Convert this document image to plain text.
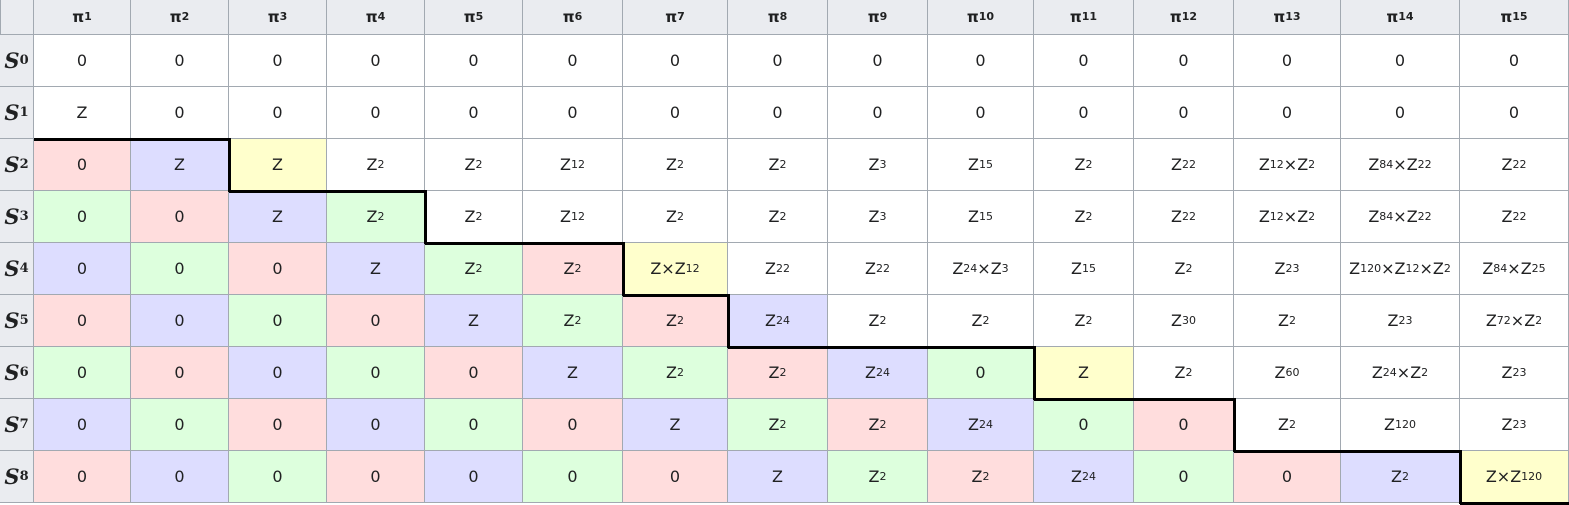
π 1	π 2	π 3	π 4	π 5	π 6	π 7	π 8	π 9	π 10	π 11	π 12	π 13	π 14	π 15
S 0	0	0	0	0	0	0	0	0	0	0	0	0	0	0	0
S 1	Z	0	0	0	0	0	0	0	0	0	0	0	0	0	0
S 2	0	Z	Z	Z 2	Z 2	Z 12	Z 2	Z 2	Z 3	Z 15	Z 2	Z 2 2	Z 12 ×Z 2	Z 84 ×Z 2 2	Z 2 2
S 3	0	0	Z	Z 2	Z 2	Z 12	Z 2	Z 2	Z 3	Z 15	Z 2	Z 2 2	Z 12 ×Z 2	Z 84 ×Z 2 2	Z 2 2
S 4	0	0	0	Z	Z 2	Z 2	Z×Z 12	Z 2 2	Z 2 2	Z 24 ×Z 3	Z 15	Z 2	Z 2 3	Z 120 ×Z 12 ×Z 2	Z 84 ×Z 2 5
S 5	0	0	0	0	Z	Z 2	Z 2	Z 24	Z 2	Z 2	Z 2	Z 30	Z 2	Z 2 3	Z 72 ×Z 2
S 6	0	0	0	0	0	Z	Z 2	Z 2	Z 24	0	Z	Z 2	Z 60	Z 24 ×Z 2	Z 2 3
S 7	0	0	0	0	0	0	Z	Z 2	Z 2	Z 24	0	0	Z 2	Z 120	Z 2 3
S 8	0	0	0	0	0	0	0	Z	Z 2	Z 2	Z 24	0	0	Z 2	Z×Z 120
